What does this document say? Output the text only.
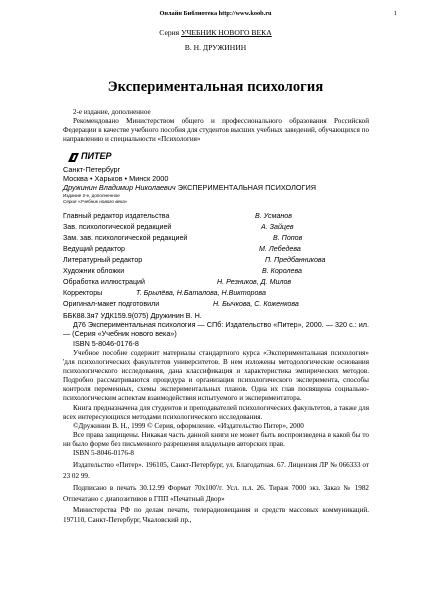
Онлайн Библиотека http://www.koob.ru	1
Серия УЧЕБНИК НОВОГО ВЕКА
В. Н. ДРУЖИНИН
Экспериментальная психология

2-е издание, дополненное

Рекомендовано Министерством общего и профессионального образования Российской Федерации в качестве учебного пособия для студентов высших учебных заведений, обучающихся по направлению и специальности «Психология»

ПИТЕР

Санкт-Петербург

Москва • Харьков • Минск 2000

Дружинин Владимир Николаевич ЭКСПЕРИМЕНТАЛЬНАЯ ПСИХОЛОГИЯ

Издание 2-е, дополненное

Серия «Учебник нового века»

Главный редактор издательства	В. Усманов
Зав. психологической редакцией	А. Зайцев
Зам. зав. психологической редакцией	В. Попов
Ведущий редактор	М. Лебедева
Литературный редактор	П. Предбанникова
Художник обложки	В. Королева
Обработка иллюстраций	Н. Резников, Д. Милов
Корректоры	Т. Брылёва, Н.Баталова, Н.Викторова
Оригинал-макет подготовили	Н. Бычкова, С. Коженкова

ББК88.3я7 УДК159.9(075) Дружинин В. Н.

Д76 Экспериментальная психология — СПб: Издательство «Питер», 2000. — 320 с.: ил. — (Серия «Учебник нового века»)

ISBN 5-8046-0176-8

Учебное пособие содержит материалы стандартного курса «Экспериментальная психология» 'для психологических факультетов университетов. В нем изложены методологические основания психологического исследования, дана классификация и характеристика эмпирических методов. Подробно рассматриваются процедура и организация психологического эксперимента, способы контроля переменных, схемы экспериментальных планов. Одна их глав посвящена социально-психологическим аспектам взаимодействия испытуемого и экспериментатора.

Книга предназначена для студентов и преподавателей психологических факультетов, а также для всех интересующихся методами психологического исследования.

©Дружинин В. Н., 1999 © Серия, оформление. «Издательство Питер», 2000

Все права защищены. Никакая часть данной книги не может быть воспроизведена в какой бы то ни было форме без письменного разрешения владельцев авторских прав.

ISBN 5-8046-0176-8

Издательство «Питер». 196105, Санкт-Петербург, ул. Благодатная. 67. Лицензия ЛР № 066333 от 23 02 99.

Подписано в печать 30.12.99 Формат 70x100'/г. Усл. п.л. 26. Тираж 7000 экз. Заказ № 1982 Отпечатано с диапозитивов в ГПП «Печатный Двор»

Министерства РФ по делам печати, телерадиовещания и средств массовых коммуникаций. 197110, Санкт-Петербург, Чкаловский пр.,
